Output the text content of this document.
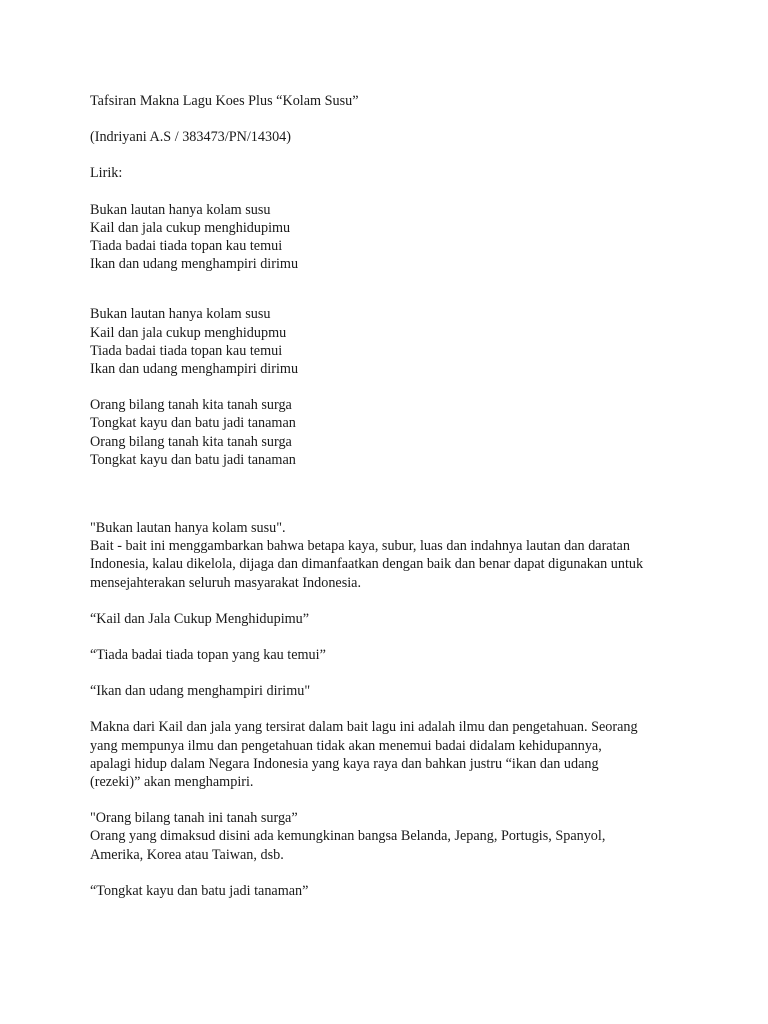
Tafsiran Makna Lagu Koes Plus “Kolam Susu”
(Indriyani A.S / 383473/PN/14304)
Lirik:
Bukan lautan hanya kolam susu
Kail dan jala cukup menghidupimu
Tiada badai tiada topan kau temui
Ikan dan udang menghampiri dirimu
Bukan lautan hanya kolam susu
Kail dan jala cukup menghidupmu
Tiada badai tiada topan kau temui
Ikan dan udang menghampiri dirimu
Orang bilang tanah kita tanah surga
Tongkat kayu dan batu jadi tanaman
Orang bilang tanah kita tanah surga
Tongkat kayu dan batu jadi tanaman
"Bukan lautan hanya kolam susu".
Bait - bait ini menggambarkan bahwa betapa kaya, subur, luas dan indahnya lautan dan daratan
Indonesia, kalau dikelola, dijaga dan dimanfaatkan dengan baik dan benar dapat digunakan untuk
mensejahterakan seluruh masyarakat Indonesia.
“Kail dan Jala Cukup Menghidupimu”
“Tiada badai tiada topan yang kau temui”
“Ikan dan udang menghampiri dirimu"
Makna dari Kail dan jala yang tersirat dalam bait lagu ini adalah ilmu dan pengetahuan. Seorang
yang mempunya ilmu dan pengetahuan tidak akan menemui badai didalam kehidupannya,
apalagi hidup dalam Negara Indonesia yang kaya raya dan bahkan justru “ikan dan udang
(rezeki)” akan menghampiri.
"Orang bilang tanah ini tanah surga”
Orang yang dimaksud disini ada kemungkinan bangsa Belanda, Jepang, Portugis, Spanyol,
Amerika, Korea atau Taiwan, dsb.
“Tongkat kayu dan batu jadi tanaman”
